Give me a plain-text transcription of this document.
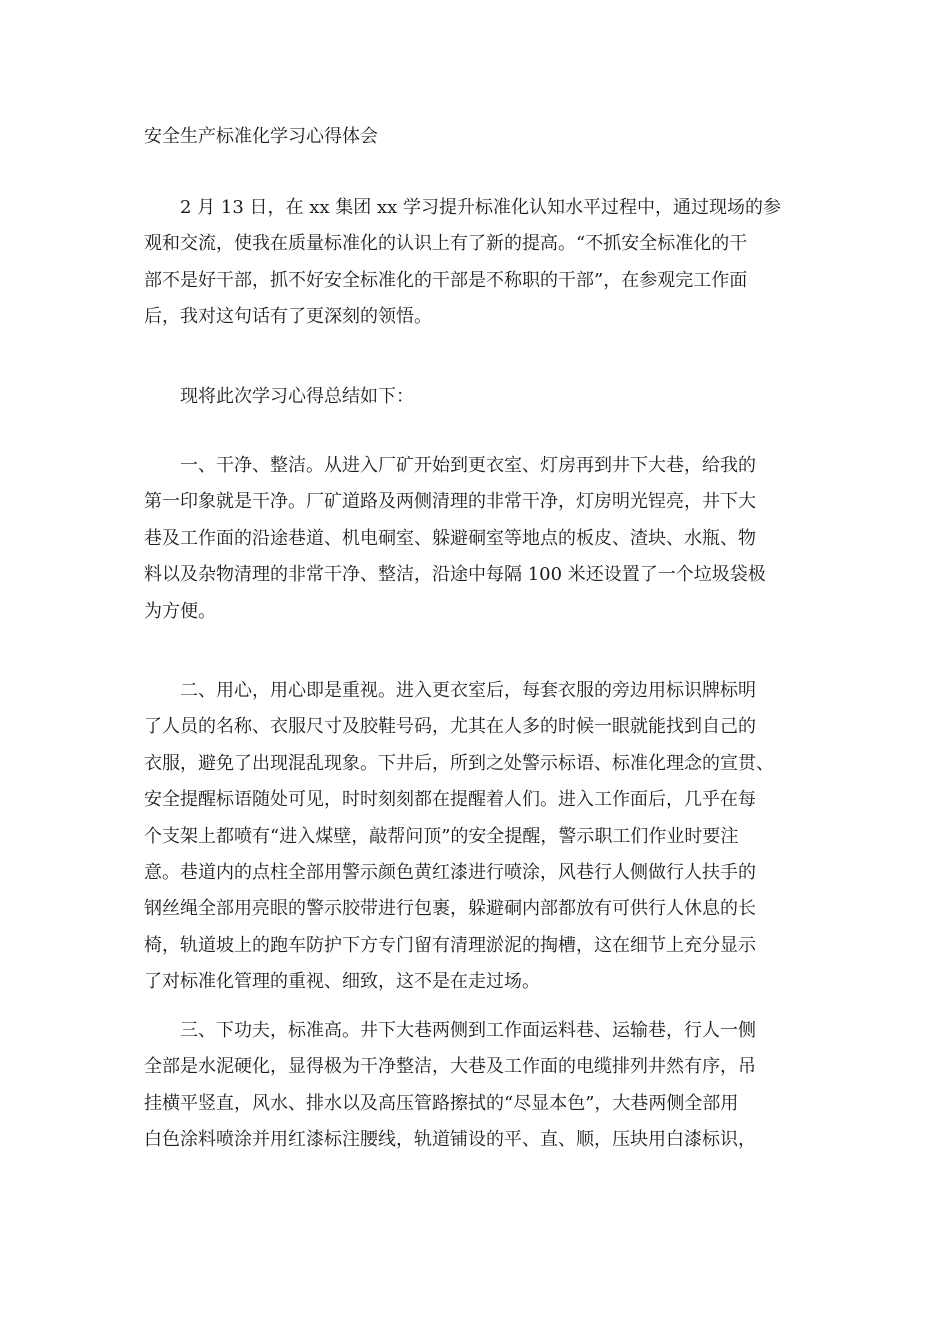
安全生产标准化学习心得体会

　　2 月 13 日，在 xx 集团 xx 学习提升标准化认知水平过程中，通过现场的参
观和交流，使我在质量标准化的认识上有了新的提高。“不抓安全标准化的干
部不是好干部，抓不好安全标准化的干部是不称职的干部”，在参观完工作面
后，我对这句话有了更深刻的领悟。

　　现将此次学习心得总结如下：

　　一、干净、整洁。从进入厂矿开始到更衣室、灯房再到井下大巷，给我的
第一印象就是干净。厂矿道路及两侧清理的非常干净，灯房明光锃亮，井下大
巷及工作面的沿途巷道、机电硐室、躲避硐室等地点的板皮、渣块、水瓶、物
料以及杂物清理的非常干净、整洁，沿途中每隔 100 米还设置了一个垃圾袋极
为方便。

　　二、用心，用心即是重视。进入更衣室后，每套衣服的旁边用标识牌标明
了人员的名称、衣服尺寸及胶鞋号码，尤其在人多的时候一眼就能找到自己的
衣服，避免了出现混乱现象。下井后，所到之处警示标语、标准化理念的宣贯、
安全提醒标语随处可见，时时刻刻都在提醒着人们。进入工作面后，几乎在每
个支架上都喷有“进入煤壁，敲帮问顶”的安全提醒，警示职工们作业时要注
意。巷道内的点柱全部用警示颜色黄红漆进行喷涂，风巷行人侧做行人扶手的
钢丝绳全部用亮眼的警示胶带进行包裹，躲避硐内部都放有可供行人休息的长
椅，轨道坡上的跑车防护下方专门留有清理淤泥的掏槽，这在细节上充分显示
了对标准化管理的重视、细致，这不是在走过场。

　　三、下功夫，标准高。井下大巷两侧到工作面运料巷、运输巷，行人一侧
全部是水泥硬化，显得极为干净整洁，大巷及工作面的电缆排列井然有序，吊
挂横平竖直，风水、排水以及高压管路擦拭的“尽显本色”，大巷两侧全部用
白色涂料喷涂并用红漆标注腰线，轨道铺设的平、直、顺，压块用白漆标识，
